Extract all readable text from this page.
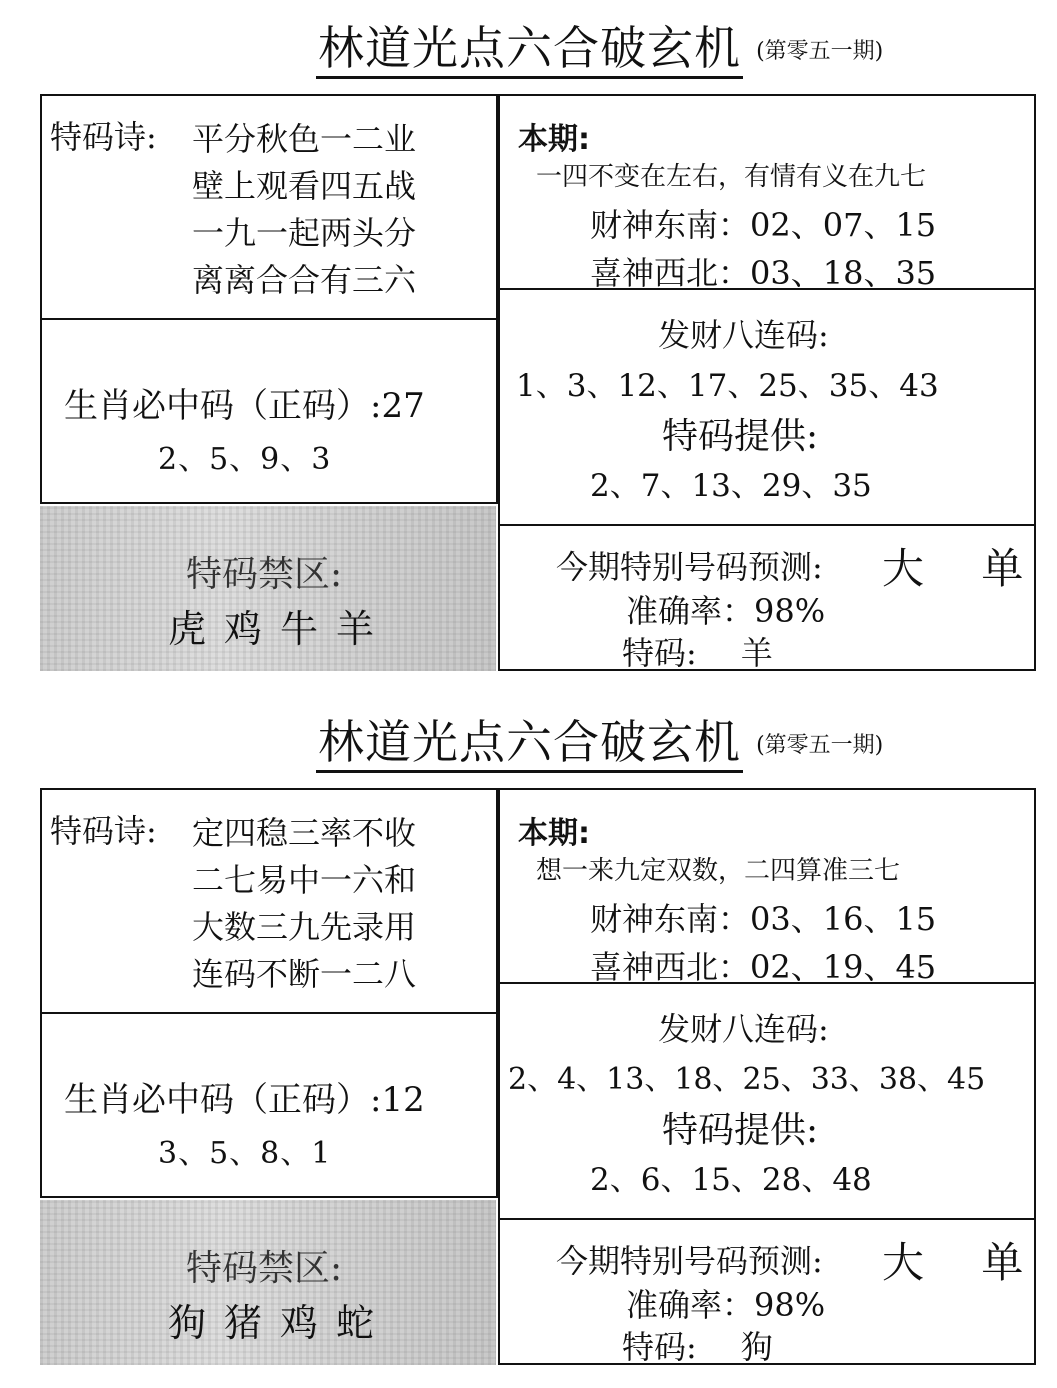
林道光点六合破玄机 (第零五一期)
特码诗: 平分秋色一二业
壁上观看四五战
一九一起两头分
离离合合有三六
生肖必中码（正码）:27
2、5、9、3
特码禁区:
虎鸡牛羊
本期:
一四不变在左右，有情有义在九七
财神东南：02、07、15
喜神西北：03、18、35
发财八连码:
1、3、12、17、25、35、43
特码提供:
2、7、13、29、35
今期特别号码预测: 大 单
准确率：98%
特码: 羊
林道光点六合破玄机 (第零五一期)
特码诗: 定四稳三率不收
二七易中一六和
大数三九先录用
连码不断一二八
生肖必中码（正码）:12
3、5、8、1
特码禁区:
狗猪鸡蛇
本期:
想一来九定双数，二四算准三七
财神东南：03、16、15
喜神西北：02、19、45
发财八连码:
2、4、13、18、25、33、38、45
特码提供:
2、6、15、28、48
今期特别号码预测: 大 单
准确率：98%
特码: 狗
